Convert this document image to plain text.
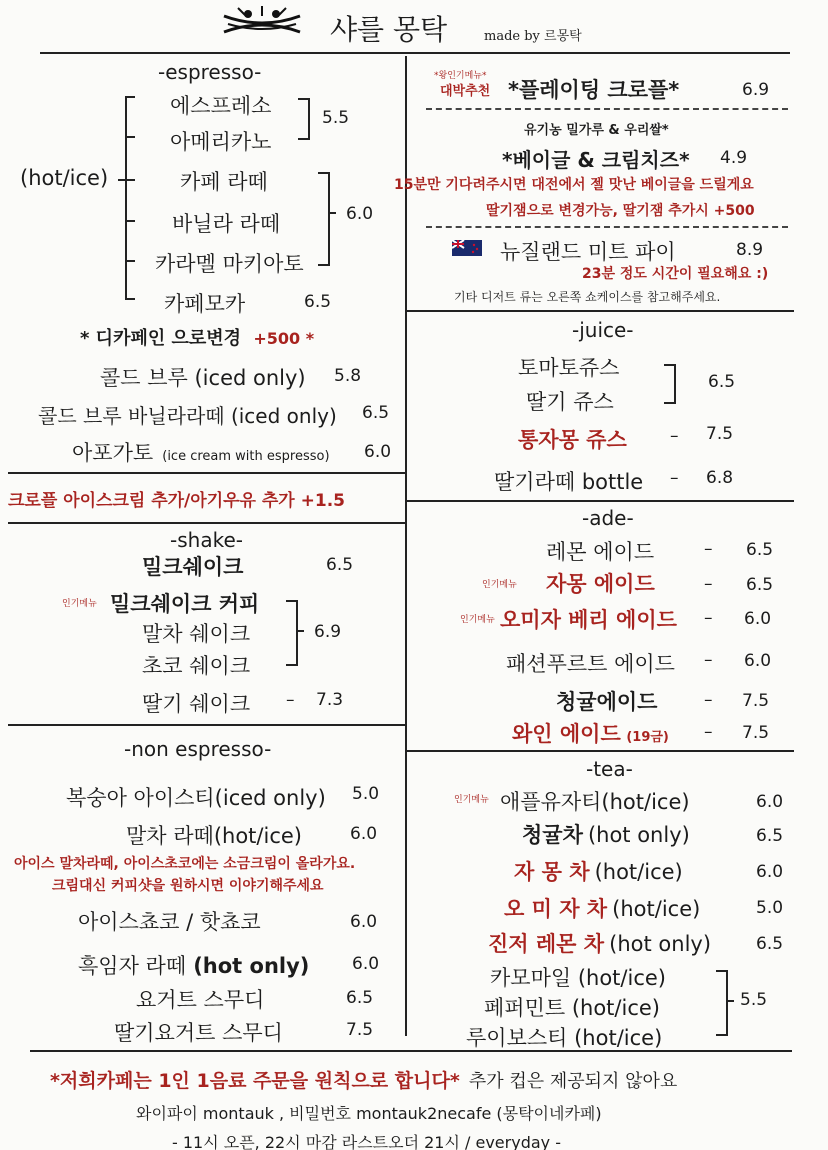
샤를 몽탁	made by 르몽탁
-espresso-
(hot/ice)
에스프레소
아메리카노
5.5
카페 라떼
바닐라 라떼
카라멜 마키아토
6.0
카페모카	6.5
* 디카페인 으로변경 +500 *
콜드 브루 (iced only) 5.8
콜드 브루 바닐라라떼 (iced only) 6.5
아포가토 (ice cream with espresso) 6.0
크로플 아이스크림 추가/아기우유 추가 +1.5
-shake-
밀크쉐이크	6.5
인기메뉴 밀크쉐이크 커피
말차 쉐이크
초코 쉐이크
6.9
딸기 쉐이크 – 7.3
-non espresso-
복숭아 아이스티(iced only) 5.0
말차 라떼(hot/ice)	6.0
아이스 말차라떼, 아이스초코에는 소금크림이 올라가요.
크림대신 커피샷을 원하시면 이야기해주세요
아이스쵸코 / 핫쵸코	6.0
흑임자 라떼 (hot only)	6.0
요거트 스무디	6.5
딸기요거트 스무디	7.5
*왕인기메뉴*
대박추천 *플레이팅 크로플*	6.9
유기농 밀가루 & 우리쌀*
*베이글 & 크림치즈* 4.9
15분만 기다려주시면 대전에서 젤 맛난 베이글을 드릴게요
딸기잼으로 변경가능, 딸기잼 추가시 +500
뉴질랜드 미트 파이	8.9
23분 정도 시간이 필요해요 :)
기타 디저트 류는 오른쪽 쇼케이스를 참고해주세요.
-juice-
토마토쥬스
딸기 쥬스
6.5
통자몽 쥬스	– 7.5
딸기라떼 bottle – 6.8
-ade-
레몬 에이드	– 6.5
인기메뉴 자몽 에이드	– 6.5
인기메뉴 오미자 베리 에이드 – 6.0
패션푸르트 에이드 – 6.0
청귤에이드	– 7.5
와인 에이드 (19금) – 7.5
-tea-
인기메뉴 애플유자티(hot/ice)	6.0
청귤차 (hot only)	6.5
자 몽 차 (hot/ice)	6.0
오 미 자 차 (hot/ice)	5.0
진저 레몬 차 (hot only)	6.5
카모마일 (hot/ice)
페퍼민트 (hot/ice)
루이보스티 (hot/ice)
5.5
*저희카페는 1인 1음료 주문을 원칙으로 합니다* 추가 컵은 제공되지 않아요
와이파이 montauk , 비밀번호 montauk2necafe (몽탁이네카페)
- 11시 오픈, 22시 마감 라스트오더 21시 / everyday -
